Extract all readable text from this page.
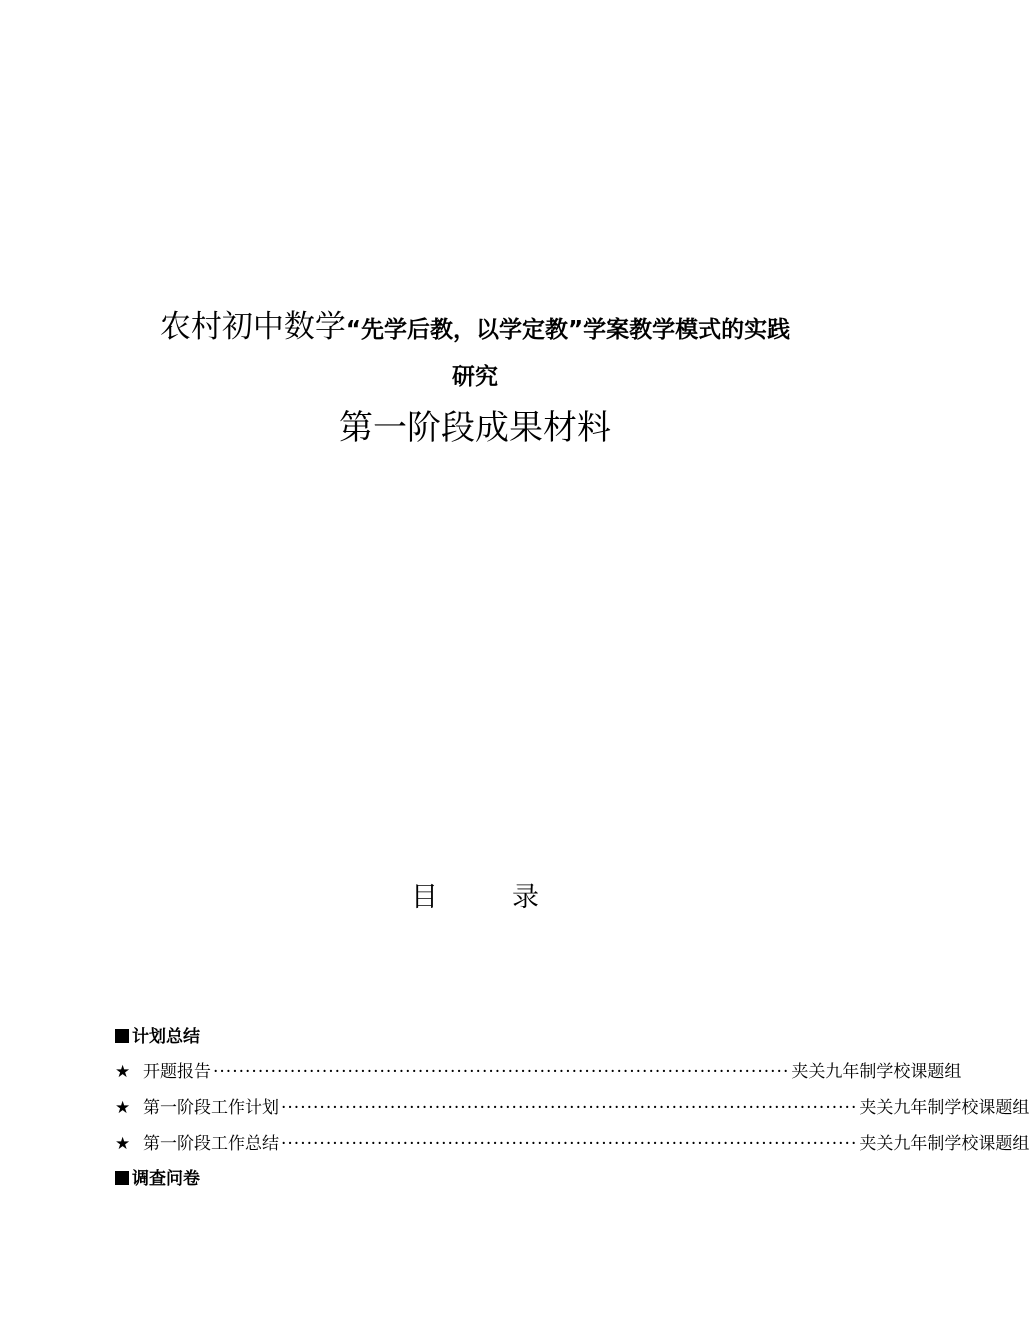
农村初中数学“先学后教，以学定教”学案教学模式的实践
研究
第一阶段成果材料
目	录
计划总结
★ 开题报告 ·························································································· 夹关九年制学校课题组
★ 第一阶段工作计划 ·························································································· 夹关九年制学校课题组
★ 第一阶段工作总结 ·························································································· 夹关九年制学校课题组
调查问卷
